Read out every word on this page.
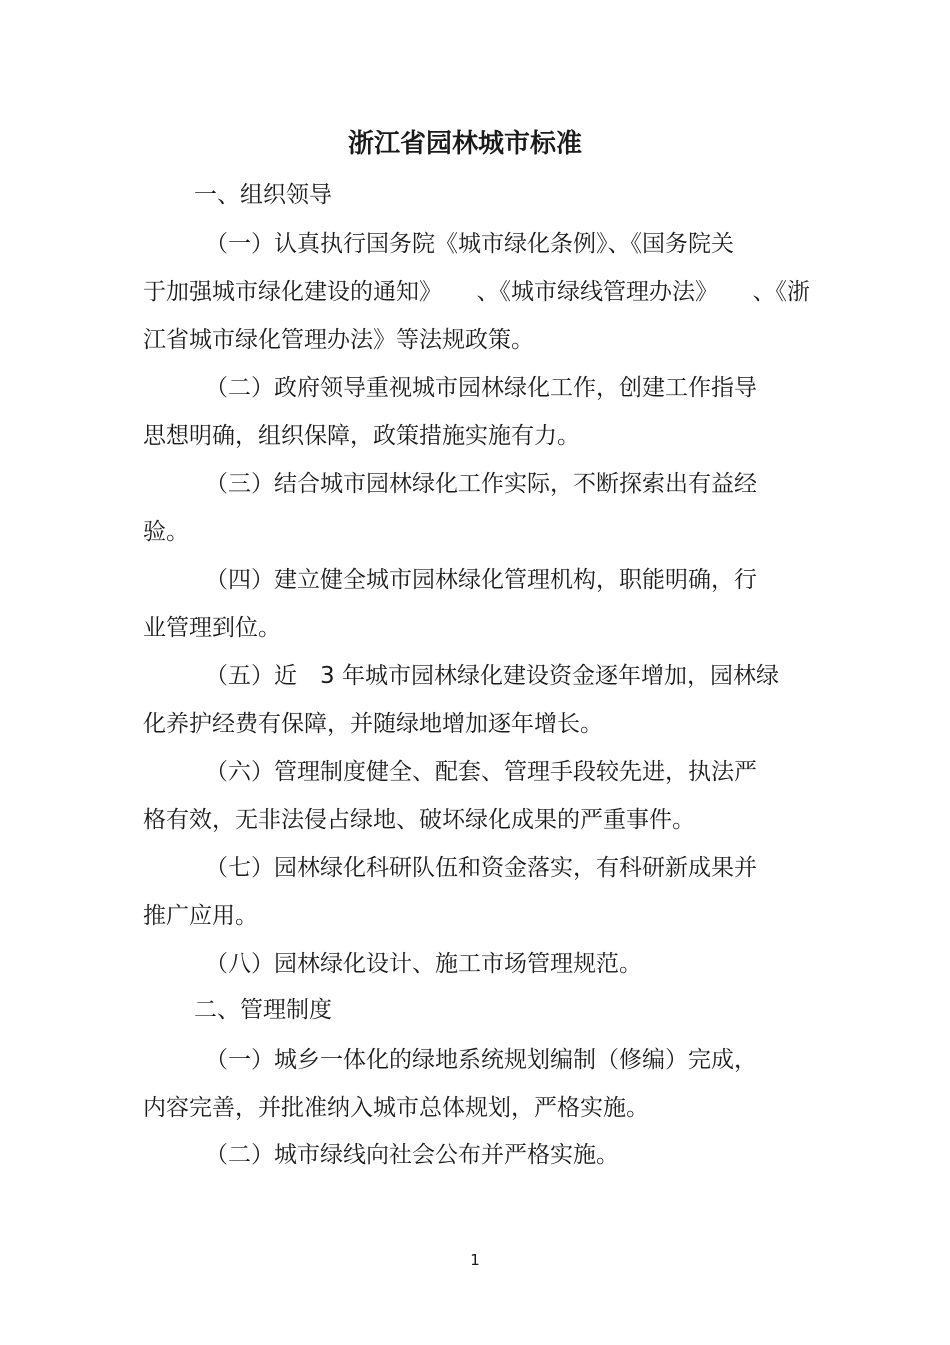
浙江省园林城市标准

一、组织领导

（一）认真执行国务院《城市绿化条例》、《国务院关

于加强城市绿化建设的通知》　　、《城市绿线管理办法》　　、《浙

江省城市绿化管理办法》等法规政策。

（二）政府领导重视城市园林绿化工作，创建工作指导

思想明确，组织保障，政策措施实施有力。

（三）结合城市园林绿化工作实际，不断探索出有益经

验。

（四）建立健全城市园林绿化管理机构，职能明确，行

业管理到位。

（五）近　3 年城市园林绿化建设资金逐年增加，园林绿

化养护经费有保障，并随绿地增加逐年增长。

（六）管理制度健全、配套、管理手段较先进，执法严

格有效，无非法侵占绿地、破坏绿化成果的严重事件。

（七）园林绿化科研队伍和资金落实，有科研新成果并

推广应用。

（八）园林绿化设计、施工市场管理规范。

二、管理制度

（一）城乡一体化的绿地系统规划编制（修编）完成，

内容完善，并批准纳入城市总体规划，严格实施。

（二）城市绿线向社会公布并严格实施。

1
